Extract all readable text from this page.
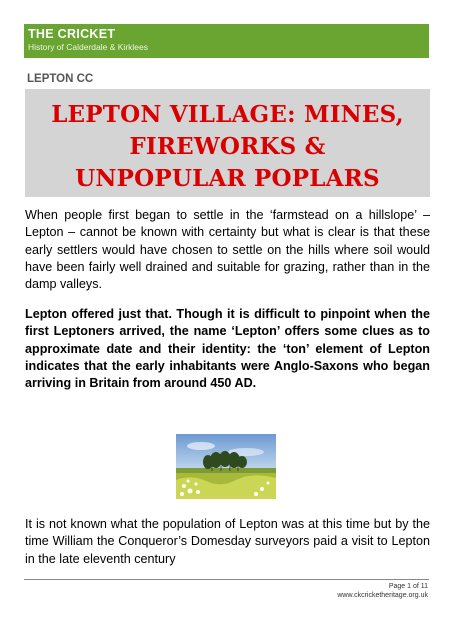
THE CRICKET
History of Calderdale & Kirklees
LEPTON CC
LEPTON VILLAGE: MINES,
FIREWORKS &
UNPOPULAR POPLARS

When people first began to settle in the ‘farmstead on a hillslope’ – Lepton – cannot be known with certainty but what is clear is that these early settlers would have chosen to settle on the hills where soil would have been fairly well drained and suitable for grazing, rather than in the damp valleys.

Lepton offered just that. Though it is difficult to pinpoint when the first Leptoners arrived, the name ‘Lepton’ offers some clues as to approximate date and their identity: the ‘ton’ element of Lepton indicates that the early inhabitants were Anglo-Saxons who began arriving in Britain from around 450 AD.

It is not known what the population of Lepton was at this time but by the time William the Conqueror’s Domesday surveyors paid a visit to Lepton in the late eleventh century

Page 1 of 11
www.ckcricketheritage.org.uk
